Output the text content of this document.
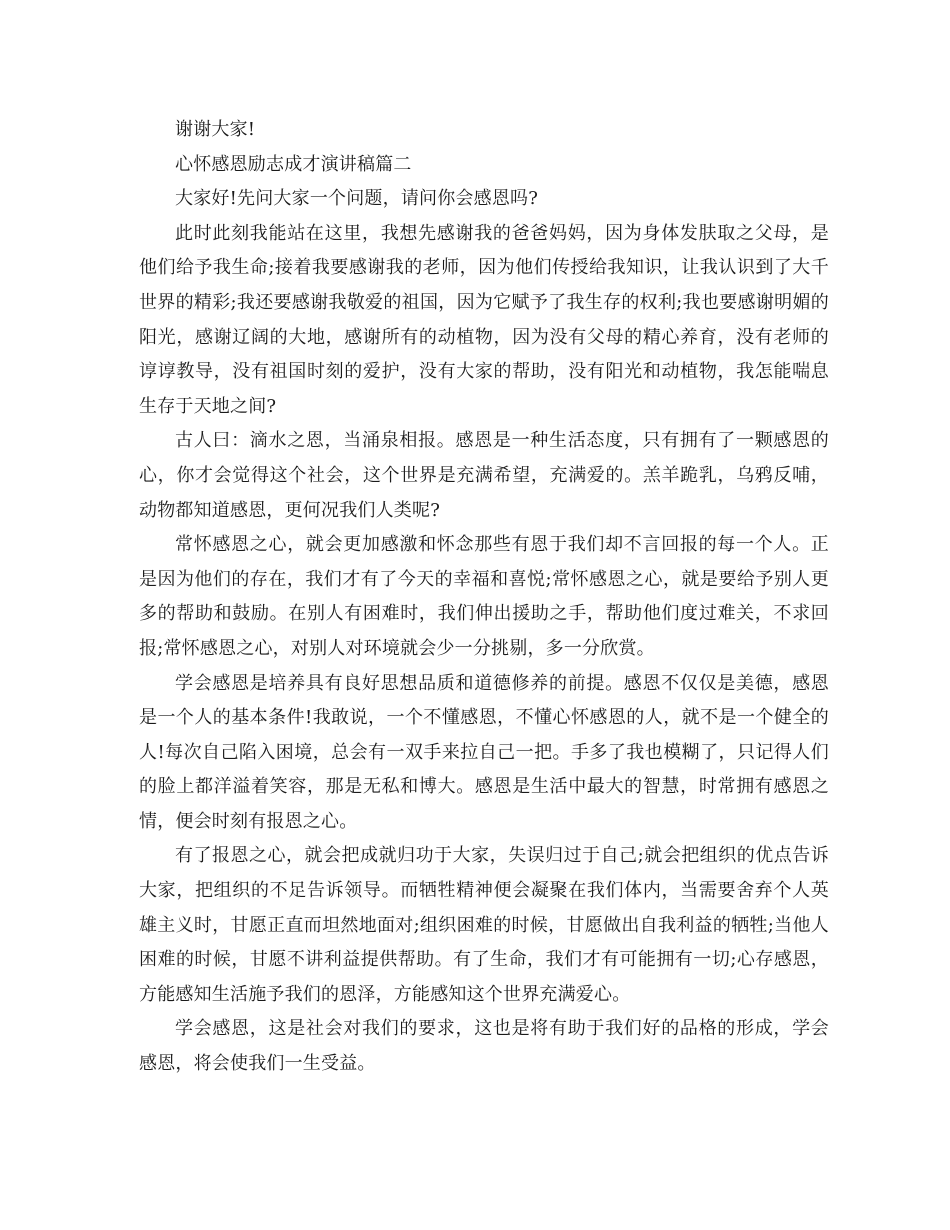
谢谢大家!

心怀感恩励志成才演讲稿篇二

大家好!先问大家一个问题，请问你会感恩吗?

此时此刻我能站在这里，我想先感谢我的爸爸妈妈，因为身体发肤取之父母，是他们给予我生命;接着我要感谢我的老师，因为他们传授给我知识，让我认识到了大千世界的精彩;我还要感谢我敬爱的祖国，因为它赋予了我生存的权利;我也要感谢明媚的阳光，感谢辽阔的大地，感谢所有的动植物，因为没有父母的精心养育，没有老师的谆谆教导，没有祖国时刻的爱护，没有大家的帮助，没有阳光和动植物，我怎能喘息生存于天地之间?

古人曰：滴水之恩，当涌泉相报。感恩是一种生活态度，只有拥有了一颗感恩的心，你才会觉得这个社会，这个世界是充满希望，充满爱的。羔羊跪乳，乌鸦反哺，动物都知道感恩，更何况我们人类呢?

常怀感恩之心，就会更加感激和怀念那些有恩于我们却不言回报的每一个人。正是因为他们的存在，我们才有了今天的幸福和喜悦;常怀感恩之心，就是要给予别人更多的帮助和鼓励。在别人有困难时，我们伸出援助之手，帮助他们度过难关，不求回报;常怀感恩之心，对别人对环境就会少一分挑剔，多一分欣赏。

学会感恩是培养具有良好思想品质和道德修养的前提。感恩不仅仅是美德，感恩是一个人的基本条件!我敢说，一个不懂感恩，不懂心怀感恩的人，就不是一个健全的人!每次自己陷入困境，总会有一双手来拉自己一把。手多了我也模糊了，只记得人们的脸上都洋溢着笑容，那是无私和博大。感恩是生活中最大的智慧，时常拥有感恩之情，便会时刻有报恩之心。

有了报恩之心，就会把成就归功于大家，失误归过于自己;就会把组织的优点告诉大家，把组织的不足告诉领导。而牺牲精神便会凝聚在我们体内，当需要舍弃个人英雄主义时，甘愿正直而坦然地面对;组织困难的时候，甘愿做出自我利益的牺牲;当他人困难的时候，甘愿不讲利益提供帮助。有了生命，我们才有可能拥有一切;心存感恩，方能感知生活施予我们的恩泽，方能感知这个世界充满爱心。

学会感恩，这是社会对我们的要求，这也是将有助于我们好的品格的形成，学会感恩，将会使我们一生受益。
